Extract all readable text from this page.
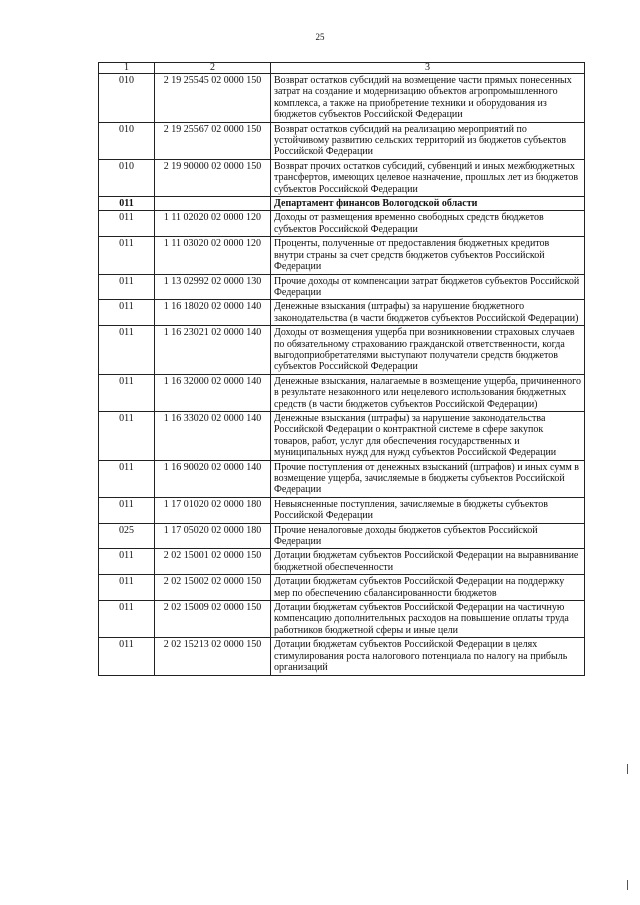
25
1	2	3
010	2 19 25545 02 0000 150	Возврат остатков субсидий на возмещение части прямых понесенных затрат на создание и модернизацию объектов агропромышленного комплекса, а также на приобретение техники и оборудования из бюджетов субъектов Российской Федерации
010	2 19 25567 02 0000 150	Возврат остатков субсидий на реализацию мероприятий по устойчивому развитию сельских территорий из бюджетов субъектов Российской Федерации
010	2 19 90000 02 0000 150	Возврат прочих остатков субсидий, субвенций и иных межбюджетных трансфертов, имеющих целевое назначение, прошлых лет из бюджетов субъектов Российской Федерации
011		Департамент финансов Вологодской области
011	1 11 02020 02 0000 120	Доходы от размещения временно свободных средств бюджетов субъектов Российской Федерации
011	1 11 03020 02 0000 120	Проценты, полученные от предоставления бюджетных кредитов внутри страны за счет средств бюджетов субъектов Российской Федерации
011	1 13 02992 02 0000 130	Прочие доходы от компенсации затрат бюджетов субъектов Российской Федерации
011	1 16 18020 02 0000 140	Денежные взыскания (штрафы) за нарушение бюджетного законодательства (в части бюджетов субъектов Российской Федерации)
011	1 16 23021 02 0000 140	Доходы от возмещения ущерба при возникновении страховых случаев по обязательному страхованию гражданской ответственности, когда выгодоприобретателями выступают получатели средств бюджетов субъектов Российской Федерации
011	1 16 32000 02 0000 140	Денежные взыскания, налагаемые в возмещение ущерба, причиненного в результате незаконного или нецелевого использования бюджетных средств (в части бюджетов субъектов Российской Федерации)
011	1 16 33020 02 0000 140	Денежные взыскания (штрафы) за нарушение законодательства Российской Федерации о контрактной системе в сфере закупок товаров, работ, услуг для обеспечения государственных и муниципальных нужд для нужд субъектов Российской Федерации
011	1 16 90020 02 0000 140	Прочие поступления от денежных взысканий (штрафов) и иных сумм в возмещение ущерба, зачисляемые в бюджеты субъектов Российской Федерации
011	1 17 01020 02 0000 180	Невыясненные поступления, зачисляемые в бюджеты субъектов Российской Федерации
025	1 17 05020 02 0000 180	Прочие неналоговые доходы бюджетов субъектов Российской Федерации
011	2 02 15001 02 0000 150	Дотации бюджетам субъектов Российской Федерации на выравнивание бюджетной обеспеченности
011	2 02 15002 02 0000 150	Дотации бюджетам субъектов Российской Федерации на поддержку мер по обеспечению сбалансированности бюджетов
011	2 02 15009 02 0000 150	Дотации бюджетам субъектов Российской Федерации на частичную компенсацию дополнительных расходов на повышение оплаты труда работников бюджетной сферы и иные цели
011	2 02 15213 02 0000 150	Дотации бюджетам субъектов Российской Федерации в целях стимулирования роста налогового потенциала по налогу на прибыль организаций
